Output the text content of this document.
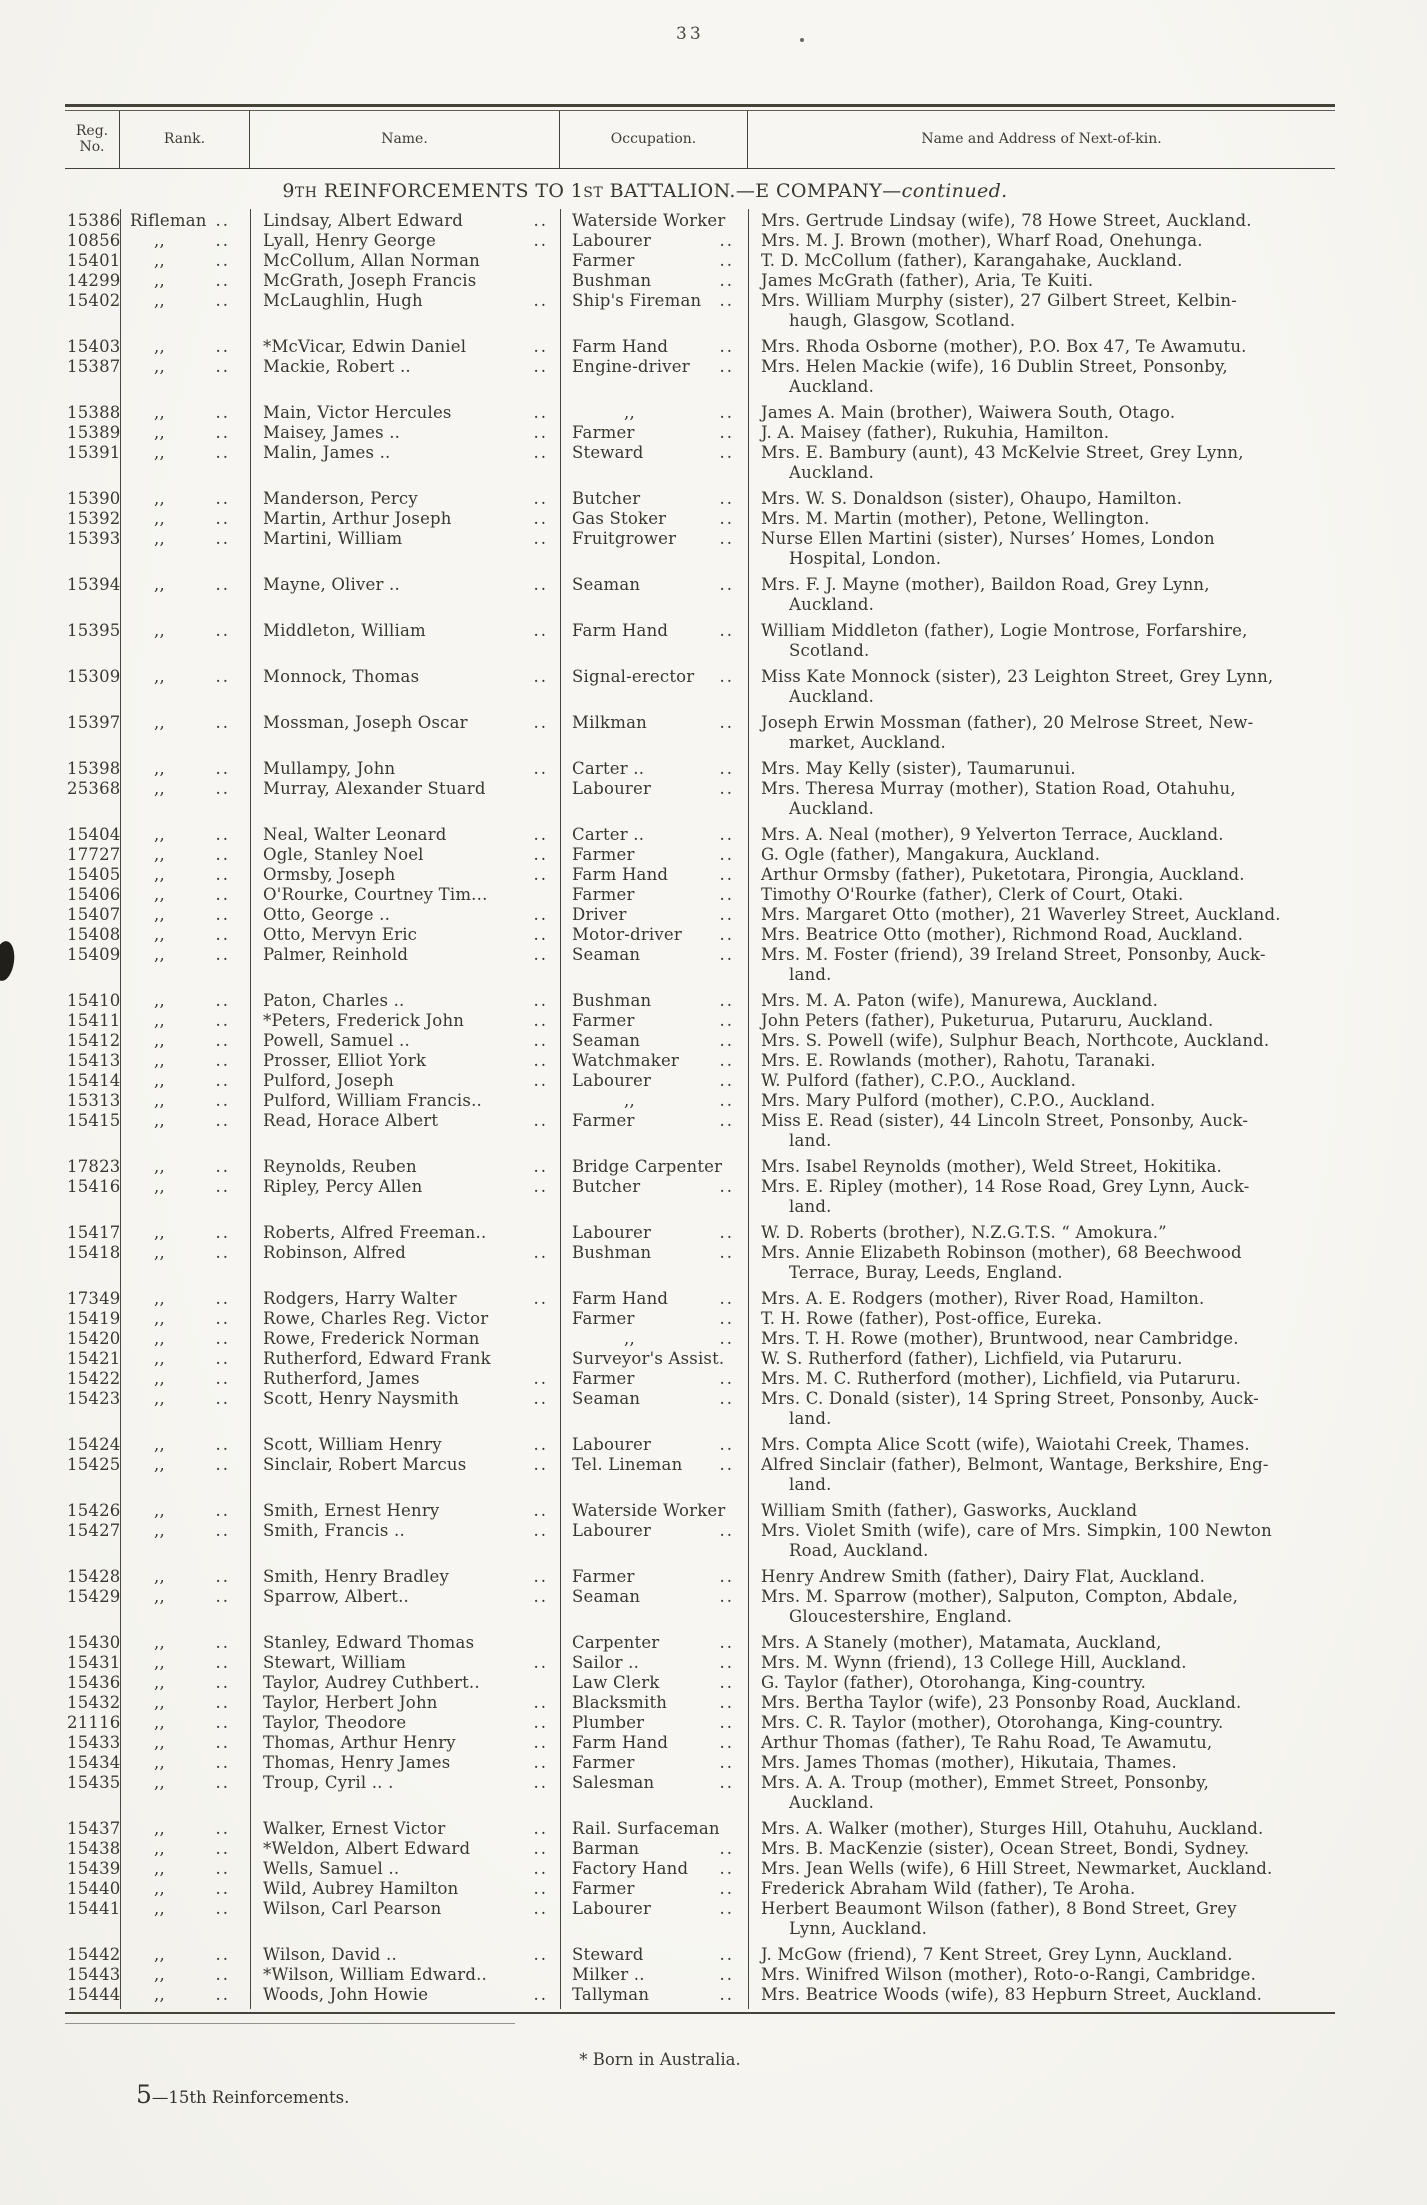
33
Reg. No.	Rank.	Name.	Occupation.	Name and Address of Next-of-kin.
9TH REINFORCEMENTS TO 1ST BATTALION.—E COMPANY—continued.
15386 Rifleman .. Lindsay, Albert Edward	.. Waterside Worker Mrs. Gertrude Lindsay (wife), 78 Howe Street, Auckland.
10856 ,,	.. Lyall, Henry George	.. Labourer	.. Mrs. M. J. Brown (mother), Wharf Road, Onehunga.
15401 ,,	.. McCollum, Allan Norman	Farmer	.. T. D. McCollum (father), Karangahake, Auckland.
14299 ,,	.. McGrath, Joseph Francis	Bushman	.. James McGrath (father), Aria, Te Kuiti.
15402 ,,	.. McLaughlin, Hugh	.. Ship's Fireman .. Mrs. William Murphy (sister), 27 Gilbert Street, Kelbin-
haugh, Glasgow, Scotland.
15403 ,,	.. *McVicar, Edwin Daniel	.. Farm Hand	.. Mrs. Rhoda Osborne (mother), P.O. Box 47, Te Awamutu.
15387 ,,	.. Mackie, Robert ..	.. Engine-driver .. Mrs. Helen Mackie (wife), 16 Dublin Street, Ponsonby,
Auckland.
15388 ,,	.. Main, Victor Hercules	..	,,	.. James A. Main (brother), Waiwera South, Otago.
15389 ,,	.. Maisey, James ..	.. Farmer	.. J. A. Maisey (father), Rukuhia, Hamilton.
15391 ,,	.. Malin, James ..	.. Steward	.. Mrs. E. Bambury (aunt), 43 McKelvie Street, Grey Lynn,
Auckland.
15390 ,,	.. Manderson, Percy	.. Butcher	.. Mrs. W. S. Donaldson (sister), Ohaupo, Hamilton.
15392 ,,	.. Martin, Arthur Joseph	.. Gas Stoker	.. Mrs. M. Martin (mother), Petone, Wellington.
15393 ,,	.. Martini, William	.. Fruitgrower	.. Nurse Ellen Martini (sister), Nurses’ Homes, London
Hospital, London.
15394 ,,	.. Mayne, Oliver ..	.. Seaman	.. Mrs. F. J. Mayne (mother), Baildon Road, Grey Lynn,
Auckland.
15395 ,,	.. Middleton, William	.. Farm Hand	.. William Middleton (father), Logie Montrose, Forfarshire,
Scotland.
15309 ,,	.. Monnock, Thomas	.. Signal-erector .. Miss Kate Monnock (sister), 23 Leighton Street, Grey Lynn,
Auckland.
15397 ,,	.. Mossman, Joseph Oscar	.. Milkman	.. Joseph Erwin Mossman (father), 20 Melrose Street, New-
market, Auckland.
15398 ,,	.. Mullampy, John	.. Carter ..	.. Mrs. May Kelly (sister), Taumarunui.
25368 ,,	.. Murray, Alexander Stuard	Labourer	.. Mrs. Theresa Murray (mother), Station Road, Otahuhu,
Auckland.
15404 ,,	.. Neal, Walter Leonard	.. Carter ..	.. Mrs. A. Neal (mother), 9 Yelverton Terrace, Auckland.
17727 ,,	.. Ogle, Stanley Noel	.. Farmer	.. G. Ogle (father), Mangakura, Auckland.
15405 ,,	.. Ormsby, Joseph	.. Farm Hand	.. Arthur Ormsby (father), Puketotara, Pirongia, Auckland.
15406 ,,	.. O'Rourke, Courtney Tim...	Farmer	.. Timothy O'Rourke (father), Clerk of Court, Otaki.
15407 ,,	.. Otto, George ..	.. Driver	.. Mrs. Margaret Otto (mother), 21 Waverley Street, Auckland.
15408 ,,	.. Otto, Mervyn Eric	.. Motor-driver .. Mrs. Beatrice Otto (mother), Richmond Road, Auckland.
15409 ,,	.. Palmer, Reinhold	.. Seaman	.. Mrs. M. Foster (friend), 39 Ireland Street, Ponsonby, Auck-
land.
15410 ,,	.. Paton, Charles ..	.. Bushman	.. Mrs. M. A. Paton (wife), Manurewa, Auckland.
15411 ,,	.. *Peters, Frederick John	.. Farmer	.. John Peters (father), Puketurua, Putaruru, Auckland.
15412 ,,	.. Powell, Samuel ..	.. Seaman	.. Mrs. S. Powell (wife), Sulphur Beach, Northcote, Auckland.
15413 ,,	.. Prosser, Elliot York	.. Watchmaker .. Mrs. E. Rowlands (mother), Rahotu, Taranaki.
15414 ,,	.. Pulford, Joseph	.. Labourer	.. W. Pulford (father), C.P.O., Auckland.
15313 ,,	.. Pulford, William Francis..	,,	.. Mrs. Mary Pulford (mother), C.P.O., Auckland.
15415 ,,	.. Read, Horace Albert	.. Farmer	.. Miss E. Read (sister), 44 Lincoln Street, Ponsonby, Auck-
land.
17823 ,,	.. Reynolds, Reuben	.. Bridge Carpenter Mrs. Isabel Reynolds (mother), Weld Street, Hokitika.
15416 ,,	.. Ripley, Percy Allen	.. Butcher	.. Mrs. E. Ripley (mother), 14 Rose Road, Grey Lynn, Auck-
land.
15417 ,,	.. Roberts, Alfred Freeman..	Labourer	.. W. D. Roberts (brother), N.Z.G.T.S. “ Amokura.”
15418 ,,	.. Robinson, Alfred	.. Bushman	.. Mrs. Annie Elizabeth Robinson (mother), 68 Beechwood
Terrace, Buray, Leeds, England.
17349 ,,	.. Rodgers, Harry Walter	.. Farm Hand	.. Mrs. A. E. Rodgers (mother), River Road, Hamilton.
15419 ,,	.. Rowe, Charles Reg. Victor	Farmer	.. T. H. Rowe (father), Post-office, Eureka.
15420 ,,	.. Rowe, Frederick Norman	,,	.. Mrs. T. H. Rowe (mother), Bruntwood, near Cambridge.
15421 ,,	.. Rutherford, Edward Frank	Surveyor's Assist. W. S. Rutherford (father), Lichfield, via Putaruru.
15422 ,,	.. Rutherford, James	.. Farmer	.. Mrs. M. C. Rutherford (mother), Lichfield, via Putaruru.
15423 ,,	.. Scott, Henry Naysmith	.. Seaman	.. Mrs. C. Donald (sister), 14 Spring Street, Ponsonby, Auck-
land.
15424 ,,	.. Scott, William Henry	.. Labourer	.. Mrs. Compta Alice Scott (wife), Waiotahi Creek, Thames.
15425 ,,	.. Sinclair, Robert Marcus	.. Tel. Lineman .. Alfred Sinclair (father), Belmont, Wantage, Berkshire, Eng-
land.
15426 ,,	.. Smith, Ernest Henry	.. Waterside Worker William Smith (father), Gasworks, Auckland
15427 ,,	.. Smith, Francis ..	.. Labourer	.. Mrs. Violet Smith (wife), care of Mrs. Simpkin, 100 Newton
Road, Auckland.
15428 ,,	.. Smith, Henry Bradley	.. Farmer	.. Henry Andrew Smith (father), Dairy Flat, Auckland.
15429 ,,	.. Sparrow, Albert..	.. Seaman	.. Mrs. M. Sparrow (mother), Salputon, Compton, Abdale,
Gloucestershire, England.
15430 ,,	.. Stanley, Edward Thomas	Carpenter	.. Mrs. A Stanely (mother), Matamata, Auckland,
15431 ,,	.. Stewart, William	.. Sailor ..	.. Mrs. M. Wynn (friend), 13 College Hill, Auckland.
15436 ,,	.. Taylor, Audrey Cuthbert..	Law Clerk	.. G. Taylor (father), Otorohanga, King-country.
15432 ,,	.. Taylor, Herbert John	.. Blacksmith	.. Mrs. Bertha Taylor (wife), 23 Ponsonby Road, Auckland.
21116 ,,	.. Taylor, Theodore	.. Plumber	.. Mrs. C. R. Taylor (mother), Otorohanga, King-country.
15433 ,,	.. Thomas, Arthur Henry	.. Farm Hand	.. Arthur Thomas (father), Te Rahu Road, Te Awamutu,
15434 ,,	.. Thomas, Henry James	.. Farmer	.. Mrs. James Thomas (mother), Hikutaia, Thames.
15435 ,,	.. Troup, Cyril .. .	.. Salesman	.. Mrs. A. A. Troup (mother), Emmet Street, Ponsonby,
Auckland.
15437 ,,	.. Walker, Ernest Victor	.. Rail. Surfaceman Mrs. A. Walker (mother), Sturges Hill, Otahuhu, Auckland.
15438 ,,	.. *Weldon, Albert Edward	.. Barman	.. Mrs. B. MacKenzie (sister), Ocean Street, Bondi, Sydney.
15439 ,,	.. Wells, Samuel ..	.. Factory Hand .. Mrs. Jean Wells (wife), 6 Hill Street, Newmarket, Auckland.
15440 ,,	.. Wild, Aubrey Hamilton	.. Farmer	.. Frederick Abraham Wild (father), Te Aroha.
15441 ,,	.. Wilson, Carl Pearson	.. Labourer	.. Herbert Beaumont Wilson (father), 8 Bond Street, Grey
Lynn, Auckland.
15442 ,,	.. Wilson, David ..	.. Steward	.. J. McGow (friend), 7 Kent Street, Grey Lynn, Auckland.
15443 ,,	.. *Wilson, William Edward..	Milker ..	.. Mrs. Winifred Wilson (mother), Roto-o-Rangi, Cambridge.
15444 ,,	.. Woods, John Howie	.. Tallyman	.. Mrs. Beatrice Woods (wife), 83 Hepburn Street, Auckland.
* Born in Australia.
5—15th Reinforcements.
